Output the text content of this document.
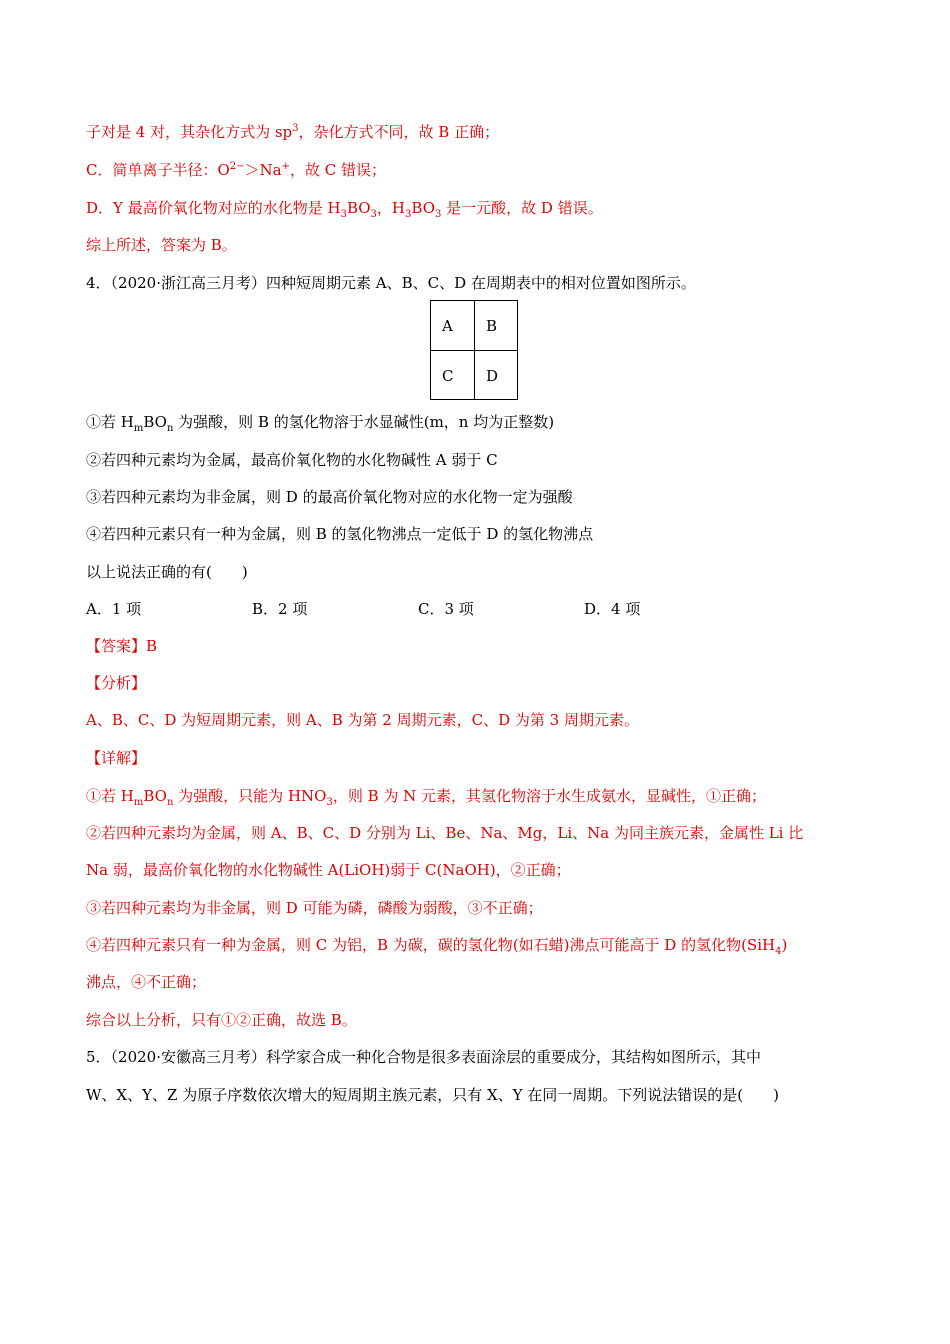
子对是 4 对，其杂化方式为 $sp^3$，杂化方式不同，故 B 正确；
C．简单离子半径：$O^{2-}>Na^+$，故 C 错误；
D．Y 最高价氧化物对应的水化物是 $H_3BO_3$，$H_3BO_3$ 是一元酸，故 D 错误。
综上所述，答案为 B。
4．（2020·浙江高三月考）四种短周期元素 A、B、C、D 在周期表中的相对位置如图所示。
A	B
C	D
①若 $H_mBO_n$ 为强酸，则 B 的氢化物溶于水显碱性(m，n 均为正整数)
②若四种元素均为金属，最高价氧化物的水化物碱性 A 弱于 C
③若四种元素均为非金属，则 D 的最高价氧化物对应的水化物一定为强酸
④若四种元素只有一种为金属，则 B 的氢化物沸点一定低于 D 的氢化物沸点
以上说法正确的有(　　)
A．1 项	B．2 项	C．3 项	D．4 项
【答案】B
【分析】
A、B、C、D 为短周期元素，则 A、B 为第 2 周期元素，C、D 为第 3 周期元素。
【详解】
①若 $H_mBO_n$ 为强酸，只能为 $HNO_3$，则 B 为 N 元素，其氢化物溶于水生成氨水，显碱性，①正确；
②若四种元素均为金属，则 A、B、C、D 分别为 Li、Be、Na、Mg，Li、Na 为同主族元素，金属性 Li 比
Na 弱，最高价氧化物的水化物碱性 A(LiOH)弱于 C(NaOH)，②正确；
③若四种元素均为非金属，则 D 可能为磷，磷酸为弱酸，③不正确；
④若四种元素只有一种为金属，则 C 为铝，B 为碳，碳的氢化物(如石蜡)沸点可能高于 D 的氢化物(SiH$_4$)
沸点，④不正确；
综合以上分析，只有①②正确，故选 B。
5．（2020·安徽高三月考）科学家合成一种化合物是很多表面涂层的重要成分，其结构如图所示，其中
W、X、Y、Z 为原子序数依次增大的短周期主族元素，只有 X、Y 在同一周期。下列说法错误的是(　　)
